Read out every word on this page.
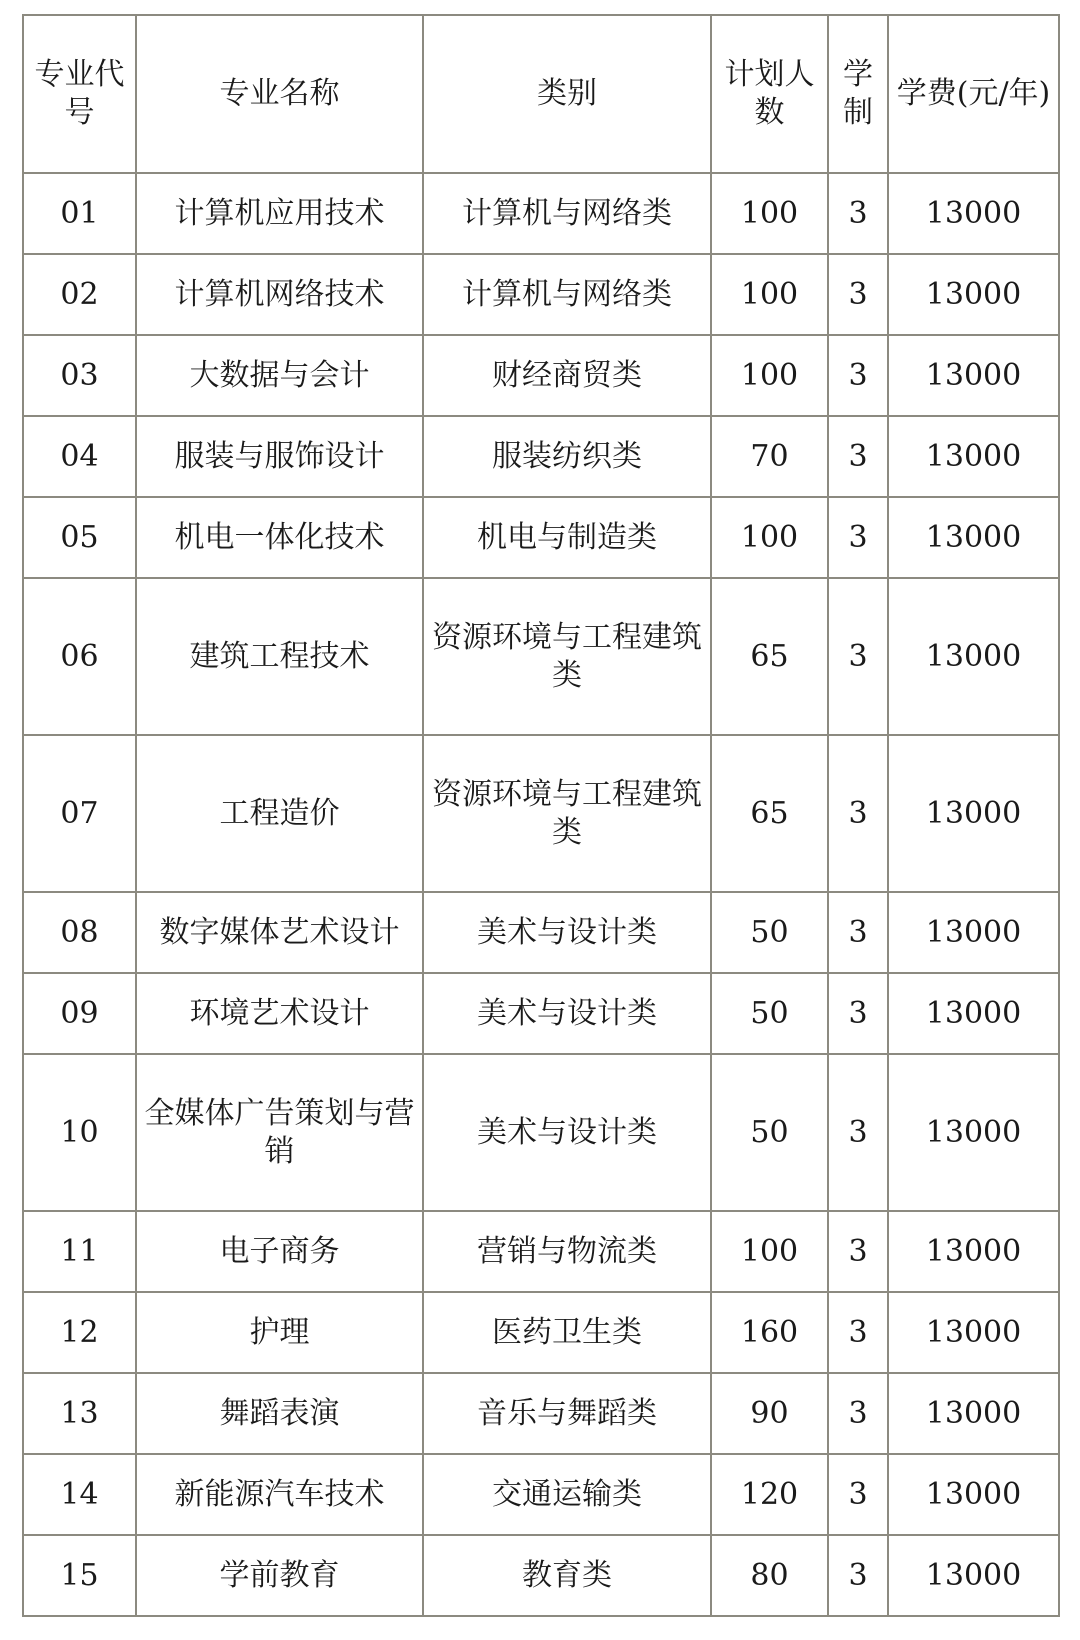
专业代号	专业名称	类别	计划人数	学制	学费(元/年)
01	计算机应用技术	计算机与网络类	100	3	13000
02	计算机网络技术	计算机与网络类	100	3	13000
03	大数据与会计	财经商贸类	100	3	13000
04	服装与服饰设计	服装纺织类	70	3	13000
05	机电一体化技术	机电与制造类	100	3	13000
06	建筑工程技术	资源环境与工程建筑类	65	3	13000
07	工程造价	资源环境与工程建筑类	65	3	13000
08	数字媒体艺术设计	美术与设计类	50	3	13000
09	环境艺术设计	美术与设计类	50	3	13000
10	全媒体广告策划与营销	美术与设计类	50	3	13000
11	电子商务	营销与物流类	100	3	13000
12	护理	医药卫生类	160	3	13000
13	舞蹈表演	音乐与舞蹈类	90	3	13000
14	新能源汽车技术	交通运输类	120	3	13000
15	学前教育	教育类	80	3	13000
